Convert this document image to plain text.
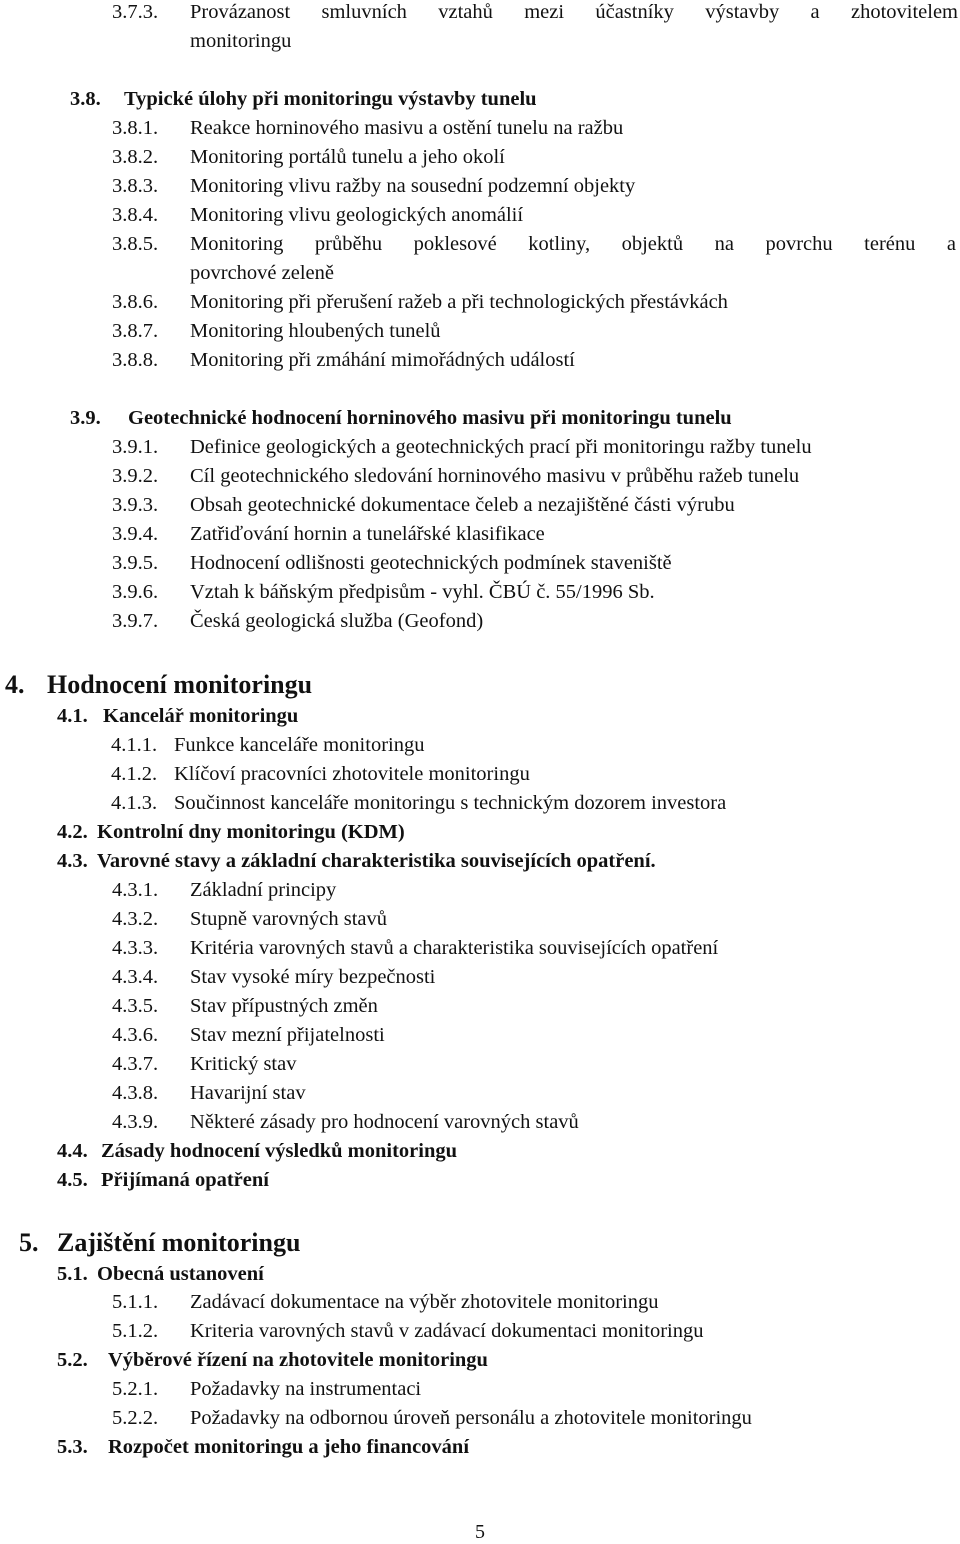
3.7.3. Provázanost smluvních vztahů mezi účastníky výstavby a zhotovitelem
monitoringu
3.8. Typické úlohy při monitoringu výstavby tunelu
3.8.1. Reakce horninového masivu a ostění tunelu na ražbu
3.8.2. Monitoring portálů tunelu a jeho okolí
3.8.3. Monitoring vlivu ražby na sousední podzemní objekty
3.8.4. Monitoring vlivu geologických anomálií
3.8.5. Monitoring průběhu poklesové kotliny, objektů na povrchu terénu a
povrchové zeleně
3.8.6. Monitoring při přerušení ražeb a při technologických přestávkách
3.8.7. Monitoring hloubených tunelů
3.8.8. Monitoring při zmáhání mimořádných událostí
3.9. Geotechnické hodnocení horninového masivu při monitoringu tunelu
3.9.1. Definice geologických a geotechnických prací při monitoringu ražby tunelu
3.9.2. Cíl geotechnického sledování horninového masivu v průběhu ražeb tunelu
3.9.3. Obsah geotechnické dokumentace čeleb a nezajištěné části výrubu
3.9.4. Zatřiďování hornin a tunelářské klasifikace
3.9.5. Hodnocení odlišnosti geotechnických podmínek staveniště
3.9.6. Vztah k báňským předpisům - vyhl. ČBÚ č. 55/1996 Sb.
3.9.7. Česká geologická služba (Geofond)
4. Hodnocení monitoringu
4.1. Kancelář monitoringu
4.1.1. Funkce kanceláře monitoringu
4.1.2. Klíčoví pracovníci zhotovitele monitoringu
4.1.3. Součinnost kanceláře monitoringu s technickým dozorem investora
4.2. Kontrolní dny monitoringu (KDM)
4.3. Varovné stavy a základní charakteristika souvisejících opatření.
4.3.1. Základní principy
4.3.2. Stupně varovných stavů
4.3.3. Kritéria varovných stavů a charakteristika souvisejících opatření
4.3.4. Stav vysoké míry bezpečnosti
4.3.5. Stav přípustných změn
4.3.6. Stav mezní přijatelnosti
4.3.7. Kritický stav
4.3.8. Havarijní stav
4.3.9. Některé zásady pro hodnocení varovných stavů
4.4. Zásady hodnocení výsledků monitoringu
4.5. Přijímaná opatření
5. Zajištění monitoringu
5.1. Obecná ustanovení
5.1.1. Zadávací dokumentace na výběr zhotovitele monitoringu
5.1.2. Kriteria varovných stavů v zadávací dokumentaci monitoringu
5.2. Výběrové řízení na zhotovitele monitoringu
5.2.1. Požadavky na instrumentaci
5.2.2. Požadavky na odbornou úroveň personálu a zhotovitele monitoringu
5.3. Rozpočet monitoringu a jeho financování
5
